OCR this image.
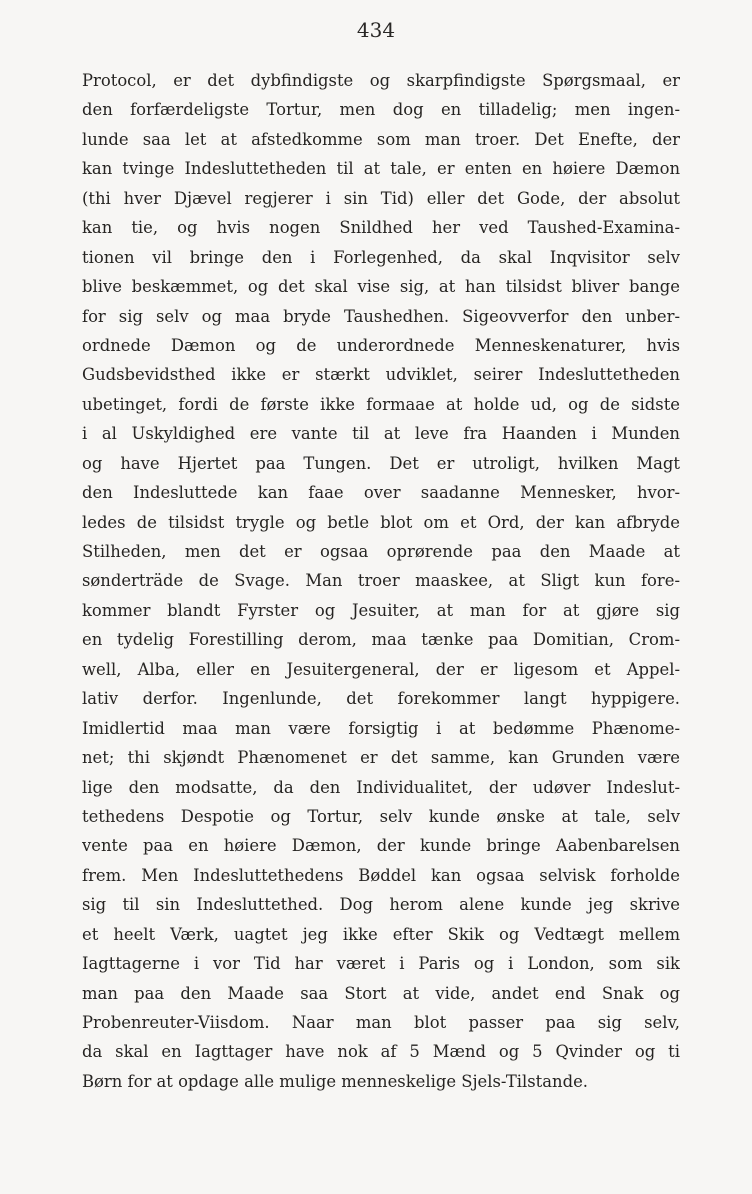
434
Protocol, er det dybfindigste og skarpfindigste Spørgsmaal, er
den forfærdeligste Tortur, men dog en tilladelig; men ingen-
lunde saa let at afstedkomme som man troer. Det Enefte, der
kan tvinge Indesluttetheden til at tale, er enten en høiere Dæmon
(thi hver Djævel regjerer i sin Tid) eller det Gode, der absolut
kan tie, og hvis nogen Snildhed her ved Taushed-Examina-
tionen vil bringe den i Forlegenhed, da skal Inqvisitor selv
blive beskæmmet, og det skal vise sig, at han tilsidst bliver bange
for sig selv og maa bryde Taushedhen. Sigeovverfor den unber-
ordnede Dæmon og de underordnede Menneskenaturer, hvis
Gudsbevidsthed ikke er stærkt udviklet, seirer Indesluttetheden
ubetinget, fordi de første ikke formaae at holde ud, og de sidste
i al Uskyldighed ere vante til at leve fra Haanden i Munden
og have Hjertet paa Tungen. Det er utroligt, hvilken Magt
den Indesluttede kan faae over saadanne Mennesker, hvor-
ledes de tilsidst trygle og betle blot om et Ord, der kan afbryde
Stilheden, men det er ogsaa oprørende paa den Maade at
sønderträde de Svage. Man troer maaskee, at Sligt kun fore-
kommer blandt Fyrster og Jesuiter, at man for at gjøre sig
en tydelig Forestilling derom, maa tænke paa Domitian, Crom-
well, Alba, eller en Jesuitergeneral, der er ligesom et Appel-
lativ derfor. Ingenlunde, det forekommer langt hyppigere.
Imidlertid maa man være forsigtig i at bedømme Phænome-
net; thi skjøndt Phænomenet er det samme, kan Grunden være
lige den modsatte, da den Individualitet, der udøver Indeslut-
tethedens Despotie og Tortur, selv kunde ønske at tale, selv
vente paa en høiere Dæmon, der kunde bringe Aabenbarelsen
frem. Men Indesluttethedens Bøddel kan ogsaa selvisk forholde
sig til sin Indesluttethed. Dog herom alene kunde jeg skrive
et heelt Værk, uagtet jeg ikke efter Skik og Vedtægt mellem
Iagttagerne i vor Tid har været i Paris og i London, som sik
man paa den Maade saa Stort at vide, andet end Snak og
Probenreuter-Viisdom. Naar man blot passer paa sig selv,
da skal en Iagttager have nok af 5 Mænd og 5 Qvinder og ti
Børn for at opdage alle mulige menneskelige Sjels-Tilstande.
